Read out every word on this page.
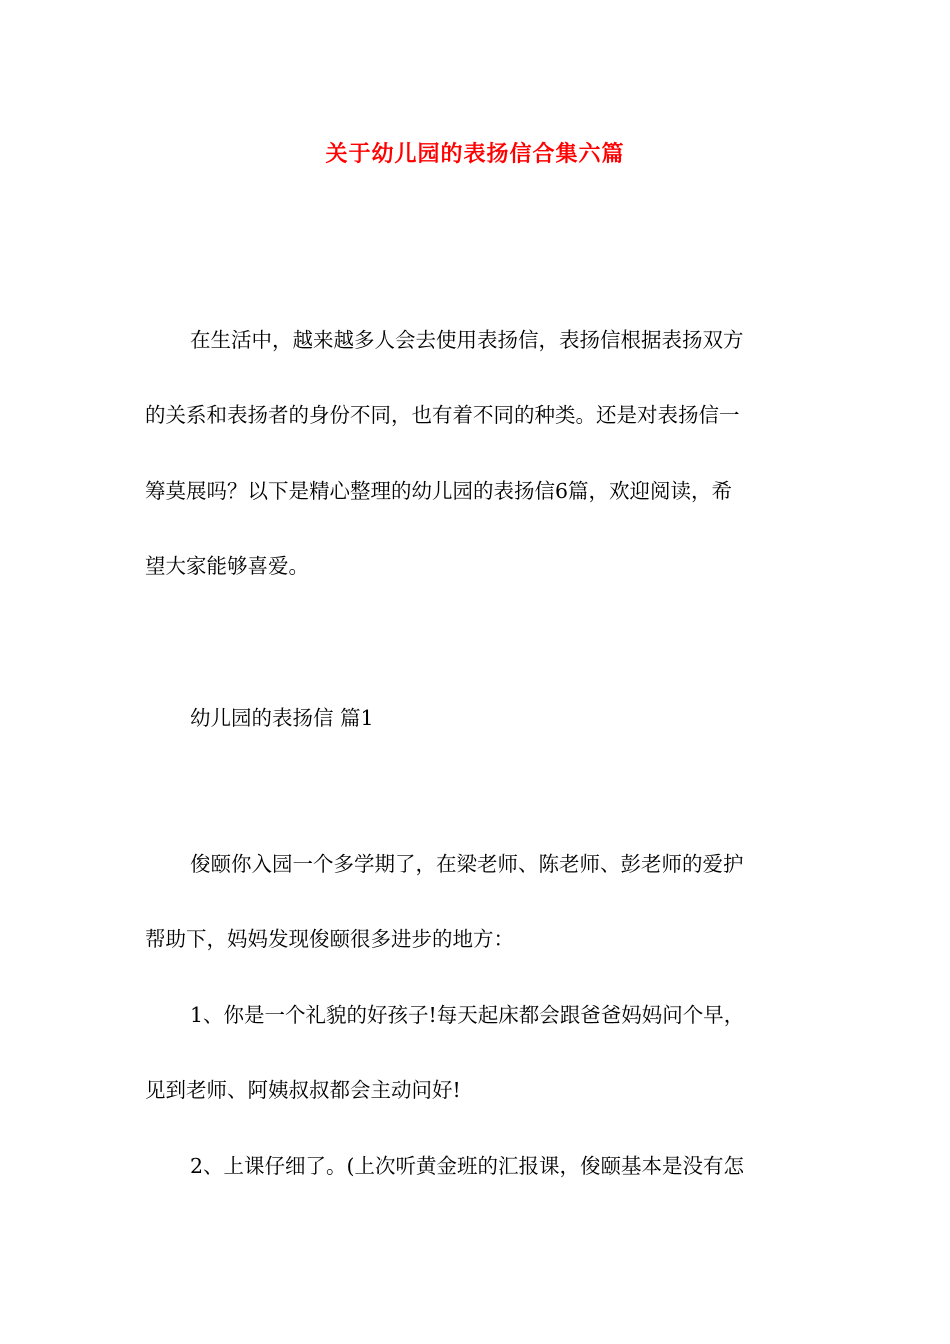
关于幼儿园的表扬信合集六篇
在生活中，越来越多人会去使用表扬信，表扬信根据表扬双方
的关系和表扬者的身份不同，也有着不同的种类。还是对表扬信一
筹莫展吗？以下是精心整理的幼儿园的表扬信6篇，欢迎阅读，希
望大家能够喜爱。
幼儿园的表扬信 篇1
俊颐你入园一个多学期了，在梁老师、陈老师、彭老师的爱护
帮助下，妈妈发现俊颐很多进步的地方：
1、你是一个礼貌的好孩子!每天起床都会跟爸爸妈妈问个早，
见到老师、阿姨叔叔都会主动问好!
2、上课仔细了。(上次听黄金班的汇报课，俊颐基本是没有怎
